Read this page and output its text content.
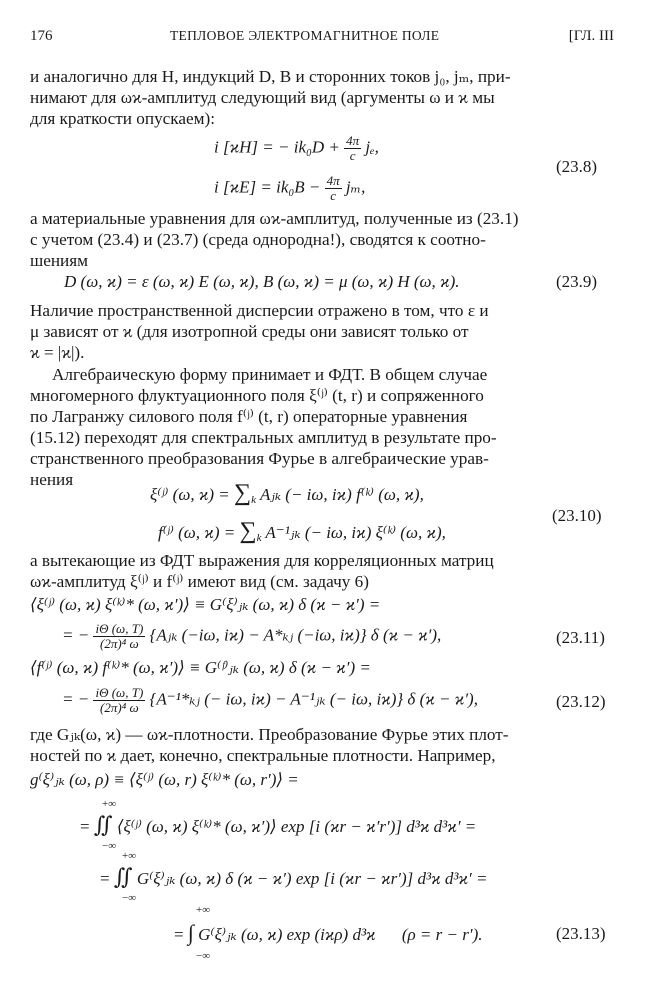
176	ТЕПЛОВОЕ ЭЛЕКТРОМАГНИТНОЕ ПОЛЕ	[ГЛ. III
и аналогично для H, индукций D, B и сторонних токов j₀, jₘ, при-
нимают для ωϰ-амплитуд следующий вид (аргументы ω и ϰ мы
для краткости опускаем):
i [ϰH] = − $ik_0D + \frac{4\pi}{c} j_e$,
i $[ϰE] = ik_0B - \frac{4\pi}{c} j_m$,
(23.8)
а материальные уравнения для ωϰ-амплитуд, полученные из (23.1)
с учетом (23.4) и (23.7) (среда однородна!), сводятся к соотно-
шениям
D (ω, ϰ) = ε (ω, ϰ) E (ω, ϰ), B (ω, ϰ) = μ (ω, ϰ) H (ω, ϰ).	(23.9)
Наличие пространственной дисперсии отражено в том, что ε и
μ зависят от ϰ (для изотропной среды они зависят только от
ϰ = |ϰ|).
Алгебраическую форму принимает и ФДТ. В общем случае
многомерного флуктуационного поля ξ⁽ʲ⁾ (t, r) и сопряженного
по Лагранжу силового поля f⁽ʲ⁾ (t, r) операторные уравнения
(15.12) переходят для спектральных амплитуд в результате про-
странственного преобразования Фурье в алгебраические урав-
нения
ξ⁽ʲ⁾ (ω, $ϰ) = \sum_k$ Aⱼₖ (− iω, iϰ) f⁽ᵏ⁾ (ω, ϰ),
f⁽ʲ⁾ (ω, $ϰ) = \sum_k$ A⁻¹ⱼₖ (− iω, iϰ) ξ⁽ᵏ⁾ (ω, ϰ),
(23.10)
а вытекающие из ФДТ выражения для корреляционных матриц
ωϰ-амплитуд ξ⁽ʲ⁾ и f⁽ʲ⁾ имеют вид (см. задачу 6)
⟨ξ⁽ʲ⁾ (ω, ϰ) ξ⁽ᵏ⁾* (ω, ϰ′)⟩ ≡ G⁽ξ⁾ⱼₖ (ω, ϰ) δ (ϰ − ϰ′) =
= − $\frac{i\Theta (\omega, T)}{\text{(2π)⁴ ω}}$ {Aⱼₖ (−iω, iϰ) − A*ₖⱼ (−iω, iϰ)} δ (ϰ − ϰ′),	(23.11)
⟨f⁽ʲ⁾ (ω, ϰ) f⁽ᵏ⁾* (ω, ϰ′)⟩ ≡ G⁽ᶠ⁾ⱼₖ (ω, ϰ) δ (ϰ − ϰ′) =
= − $\frac{i\Theta (\omega, T)}{\text{(2π)⁴ ω}}$ {A⁻¹*ₖⱼ (− iω, iϰ) − A⁻¹ⱼₖ (− iω, iϰ)} δ (ϰ − ϰ′),	(23.12)
где Gⱼₖ(ω, ϰ) — ωϰ-плотности. Преобразование Фурье этих плот-
ностей по ϰ дает, конечно, спектральные плотности. Например,
g⁽ξ⁾ⱼₖ (ω, ρ) ≡ ⟨ξ⁽ʲ⁾ (ω, r) ξ⁽ᵏ⁾* (ω, r′)⟩ =
+∞
= ∬ ⟨ξ⁽ʲ⁾ (ω, ϰ) ξ⁽ᵏ⁾* (ω, ϰ′)⟩ exp [i (ϰr − ϰ′r′)] d³ϰ d³ϰ′ =
−∞
+∞
= ∬ G⁽ξ⁾ⱼₖ (ω, ϰ) δ (ϰ − ϰ′) exp [i (ϰr − ϰr′)] d³ϰ d³ϰ′ =
−∞
+∞
= ∫ G⁽ξ⁾ⱼₖ (ω, ϰ) exp (iϰρ) d³ϰ (ρ = r − r′).
−∞
(23.13)
